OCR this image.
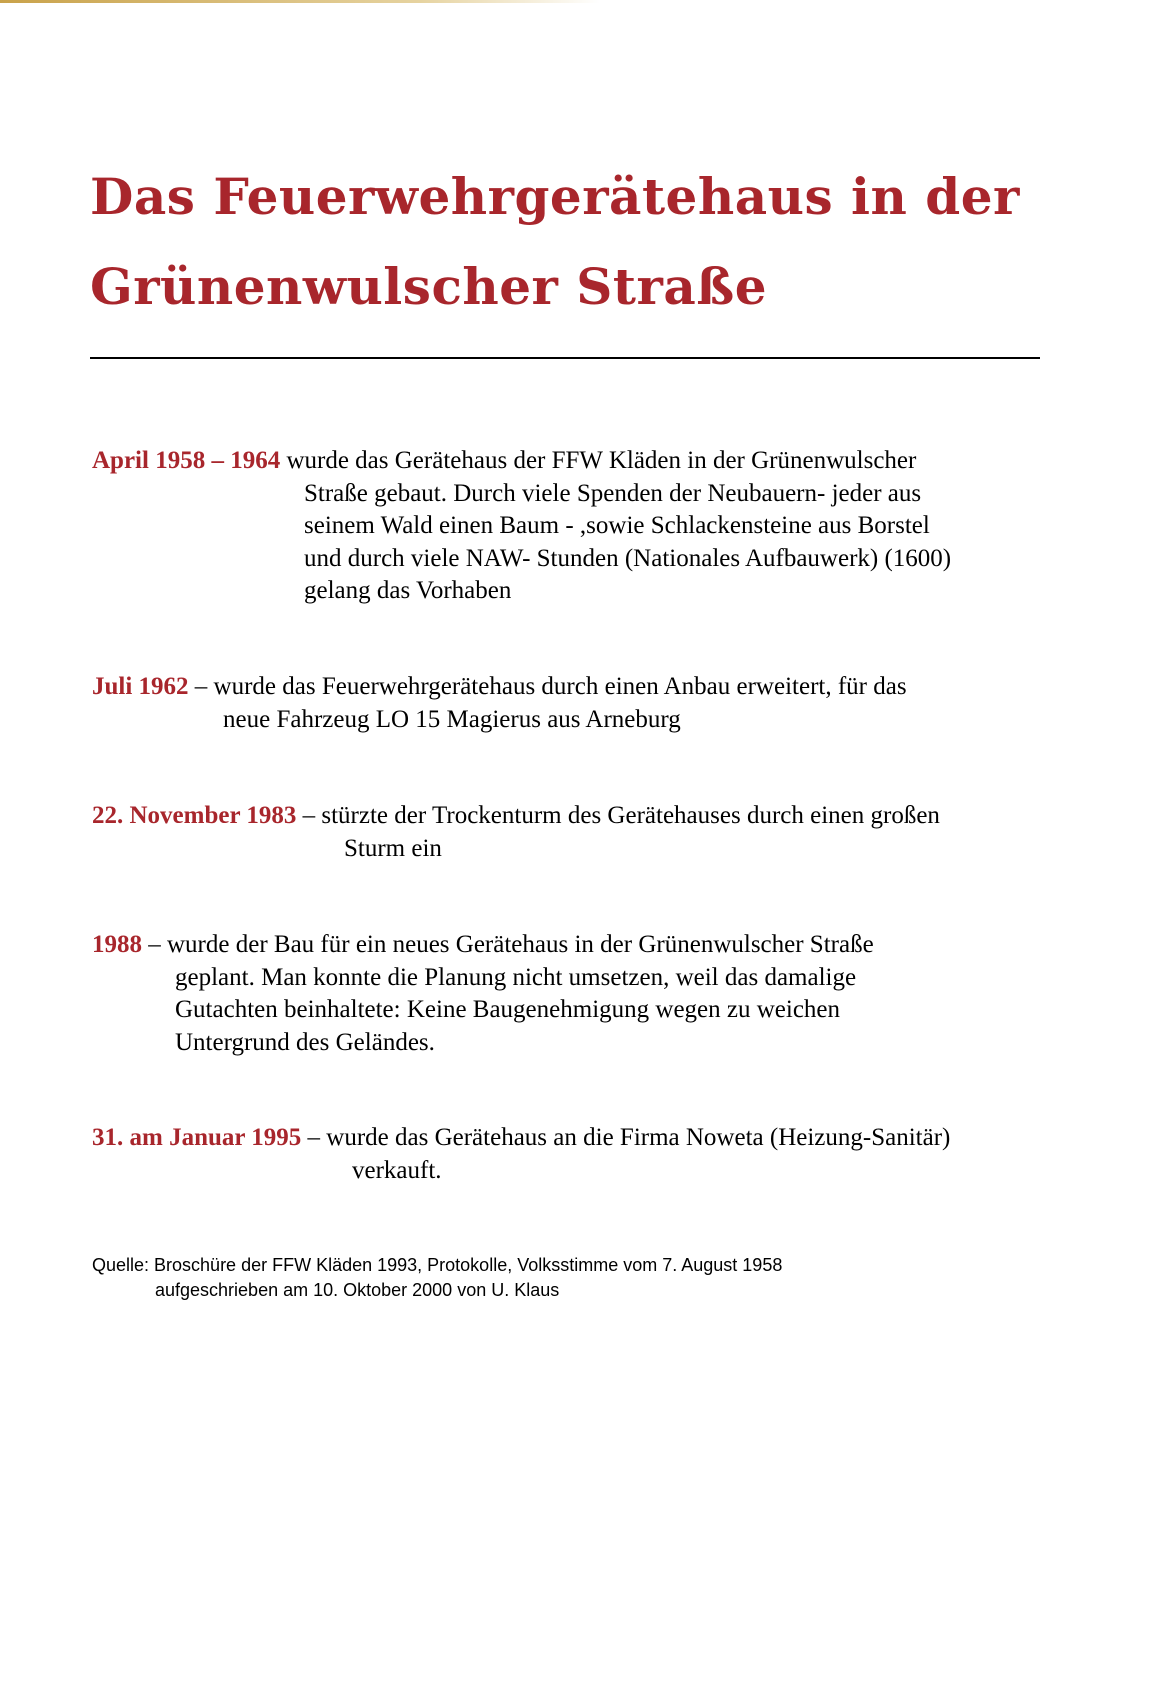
Das Feuerwehrgerätehaus in der
Grünenwulscher Straße
April 1958 – 1964 wurde das Gerätehaus der FFW Kläden in der Grünenwulscher
Straße gebaut. Durch viele Spenden der Neubauern- jeder aus
seinem Wald einen Baum - ,sowie Schlackensteine aus Borstel
und durch viele NAW- Stunden (Nationales Aufbauwerk) (1600)
gelang das Vorhaben
Juli 1962 – wurde das Feuerwehrgerätehaus durch einen Anbau erweitert, für das
neue Fahrzeug LO 15 Magierus aus Arneburg
22. November 1983 – stürzte der Trockenturm des Gerätehauses durch einen großen
Sturm ein
1988 – wurde der Bau für ein neues Gerätehaus in der Grünenwulscher Straße
geplant. Man konnte die Planung nicht umsetzen, weil das damalige
Gutachten beinhaltete: Keine Baugenehmigung wegen zu weichen
Untergrund des Geländes.
31. am Januar 1995 – wurde das Gerätehaus an die Firma Noweta (Heizung-Sanitär)
verkauft.
Quelle: Broschüre der FFW Kläden 1993, Protokolle, Volksstimme vom 7. August 1958
aufgeschrieben am 10. Oktober 2000 von U. Klaus
